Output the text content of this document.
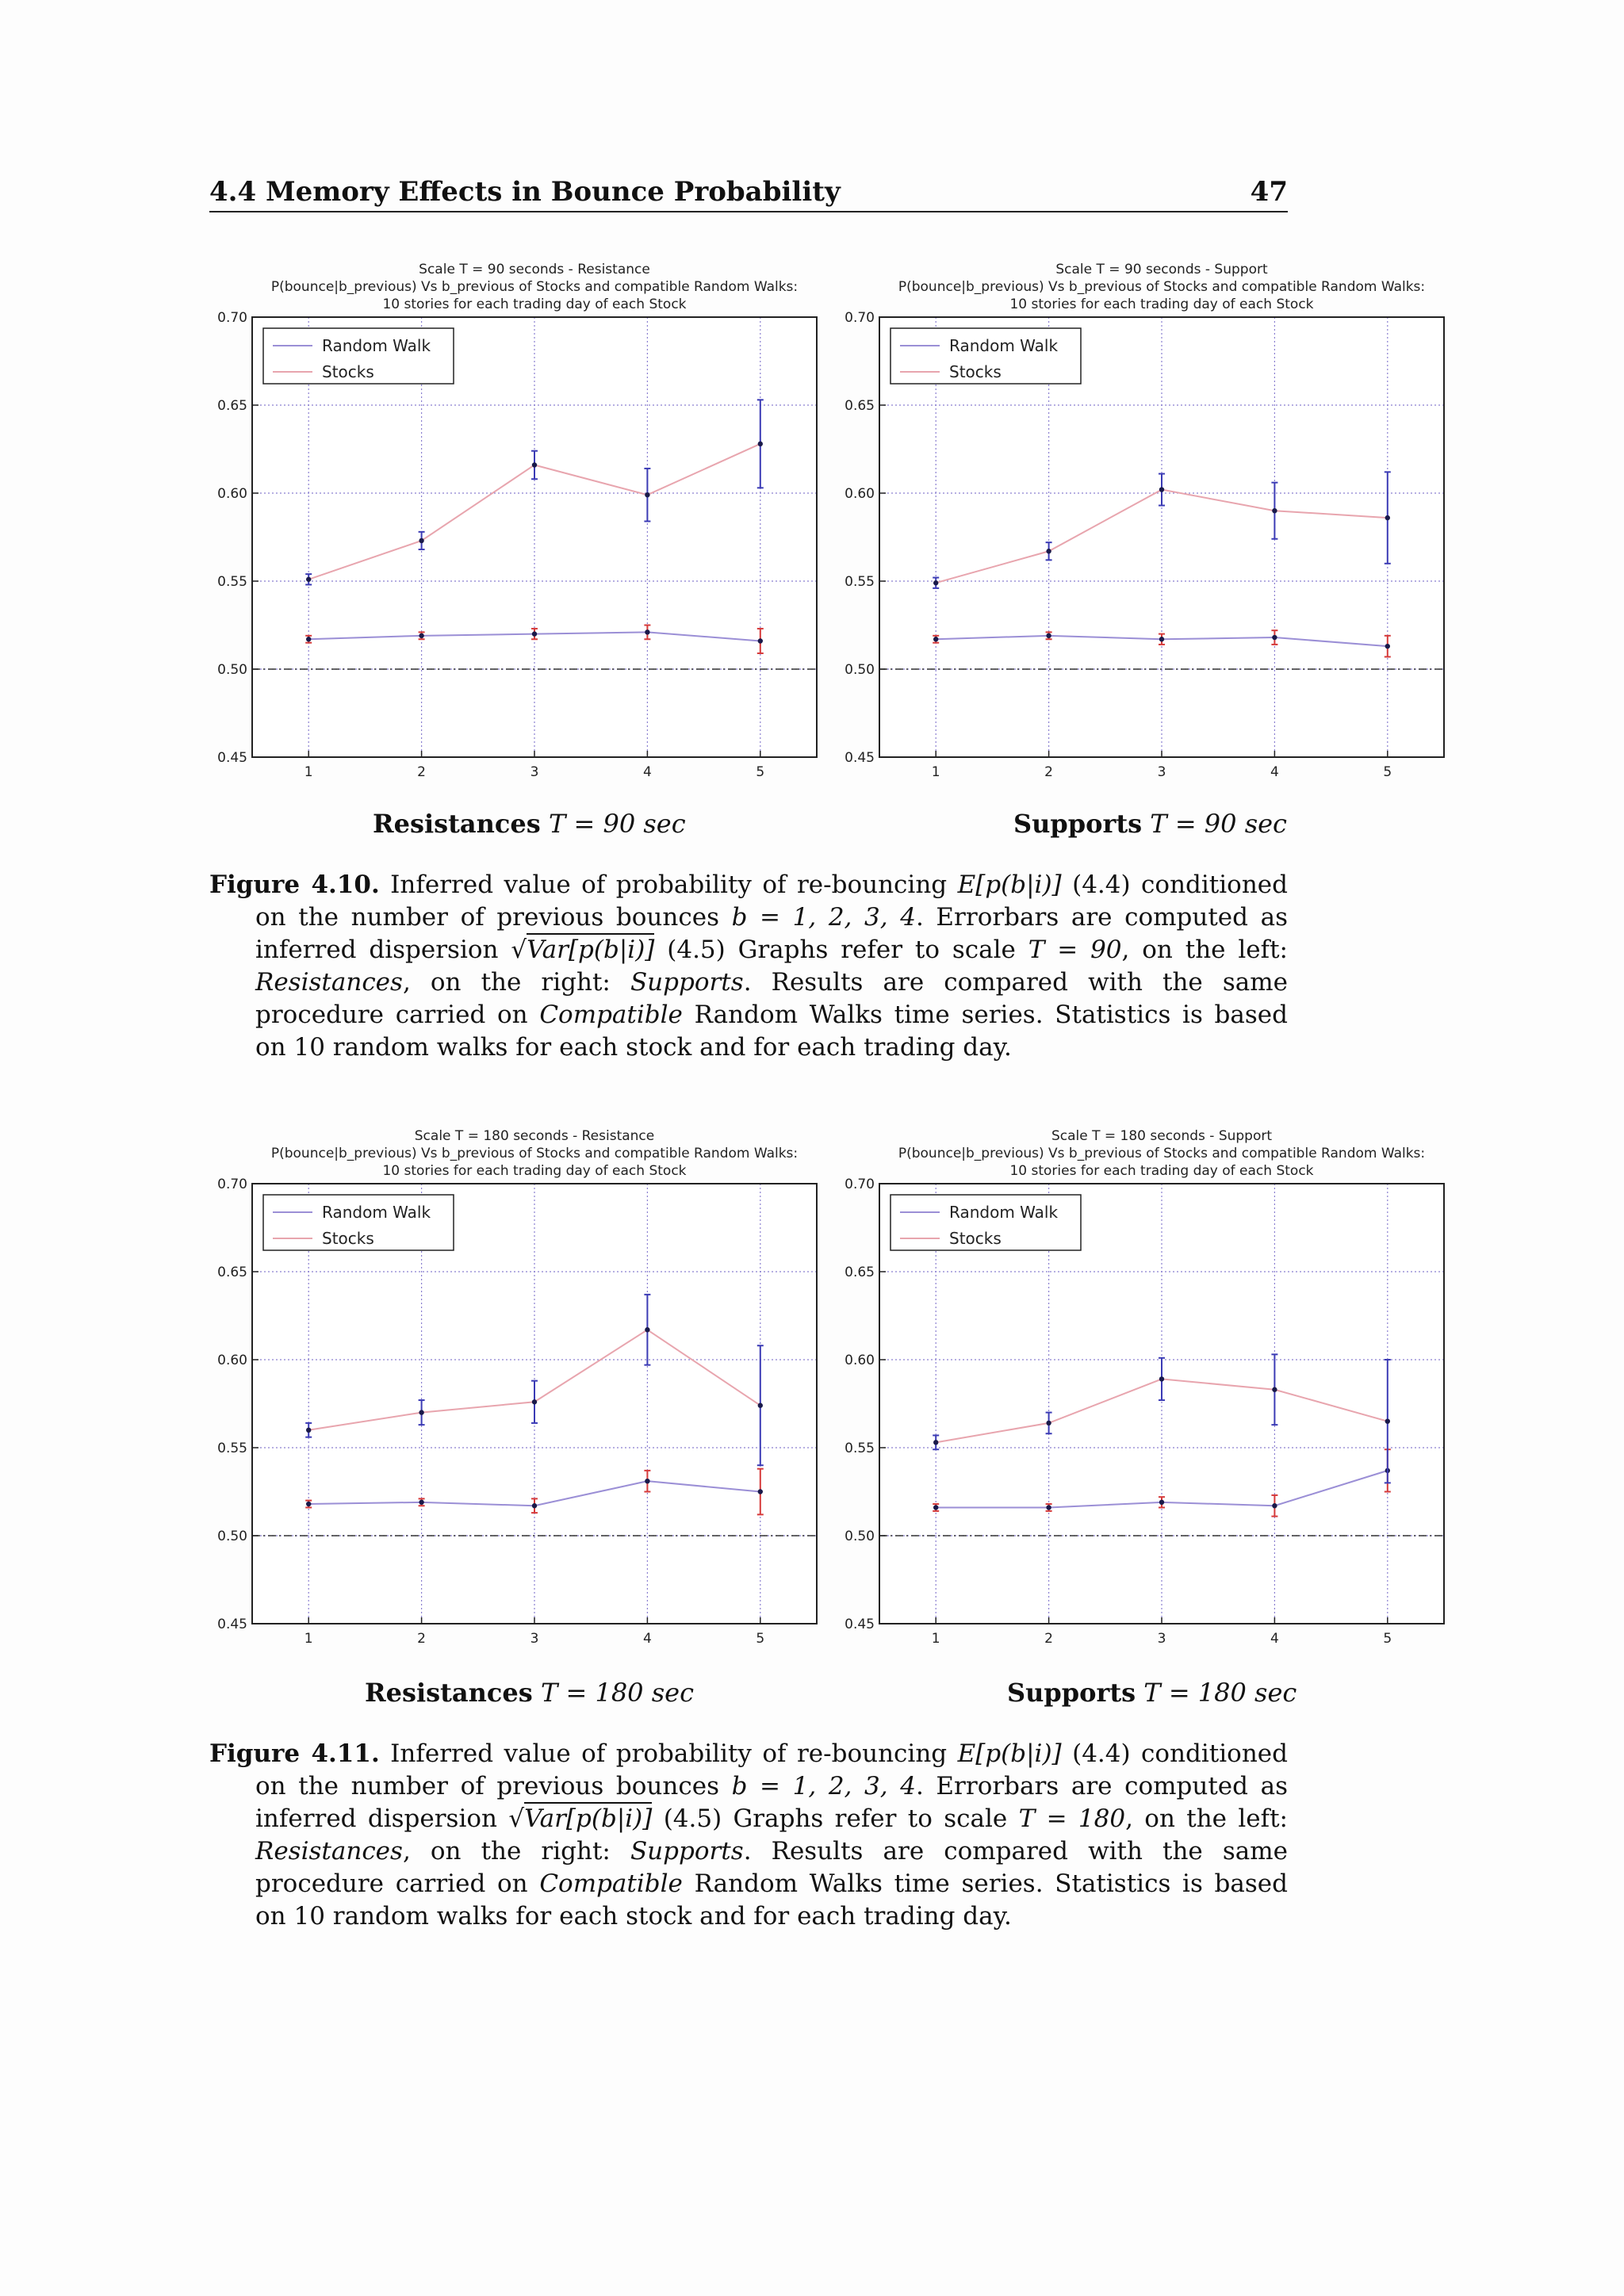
4.4 Memory Effects in Bounce Probability	47
Scale T = 90 seconds - Resistance
P(bounce|b_previous) Vs b_previous of Stocks and compatible Random Walks:
10 stories for each trading day of each Stock
0.45
0.50
0.55
0.60
0.65
0.70
1	2	3	4	5
Random Walk
Stocks
Scale T = 90 seconds - Support
P(bounce|b_previous) Vs b_previous of Stocks and compatible Random Walks:
10 stories for each trading day of each Stock
0.45
0.50
0.55
0.60
0.65
0.70
1	2	3	4	5
Random Walk
Stocks
Resistances T = 90 sec	Supports T = 90 sec

Figure 4.10. Inferred value of probability of re-bouncing E[p(b|i)] (4.4) conditioned on the number of previous bounces b = 1, 2, 3, 4. Errorbars are computed as inferred dispersion √Var[p(b|i)] (4.5) Graphs refer to scale T = 90, on the left: Resistances, on the right: Supports. Results are compared with the same procedure carried on Compatible Random Walks time series. Statistics is based on 10 random walks for each stock and for each trading day.

Scale T = 180 seconds - Resistance
P(bounce|b_previous) Vs b_previous of Stocks and compatible Random Walks:
10 stories for each trading day of each Stock
0.45
0.50
0.55
0.60
0.65
0.70
1	2	3	4	5
Random Walk
Stocks
Scale T = 180 seconds - Support
P(bounce|b_previous) Vs b_previous of Stocks and compatible Random Walks:
10 stories for each trading day of each Stock
0.45
0.50
0.55
0.60
0.65
0.70
1	2	3	4	5
Random Walk
Stocks
Resistances T = 180 sec	Supports T = 180 sec

Figure 4.11. Inferred value of probability of re-bouncing E[p(b|i)] (4.4) conditioned on the number of previous bounces b = 1, 2, 3, 4. Errorbars are computed as inferred dispersion √Var[p(b|i)] (4.5) Graphs refer to scale T = 180, on the left: Resistances, on the right: Supports. Results are compared with the same procedure carried on Compatible Random Walks time series. Statistics is based on 10 random walks for each stock and for each trading day.
